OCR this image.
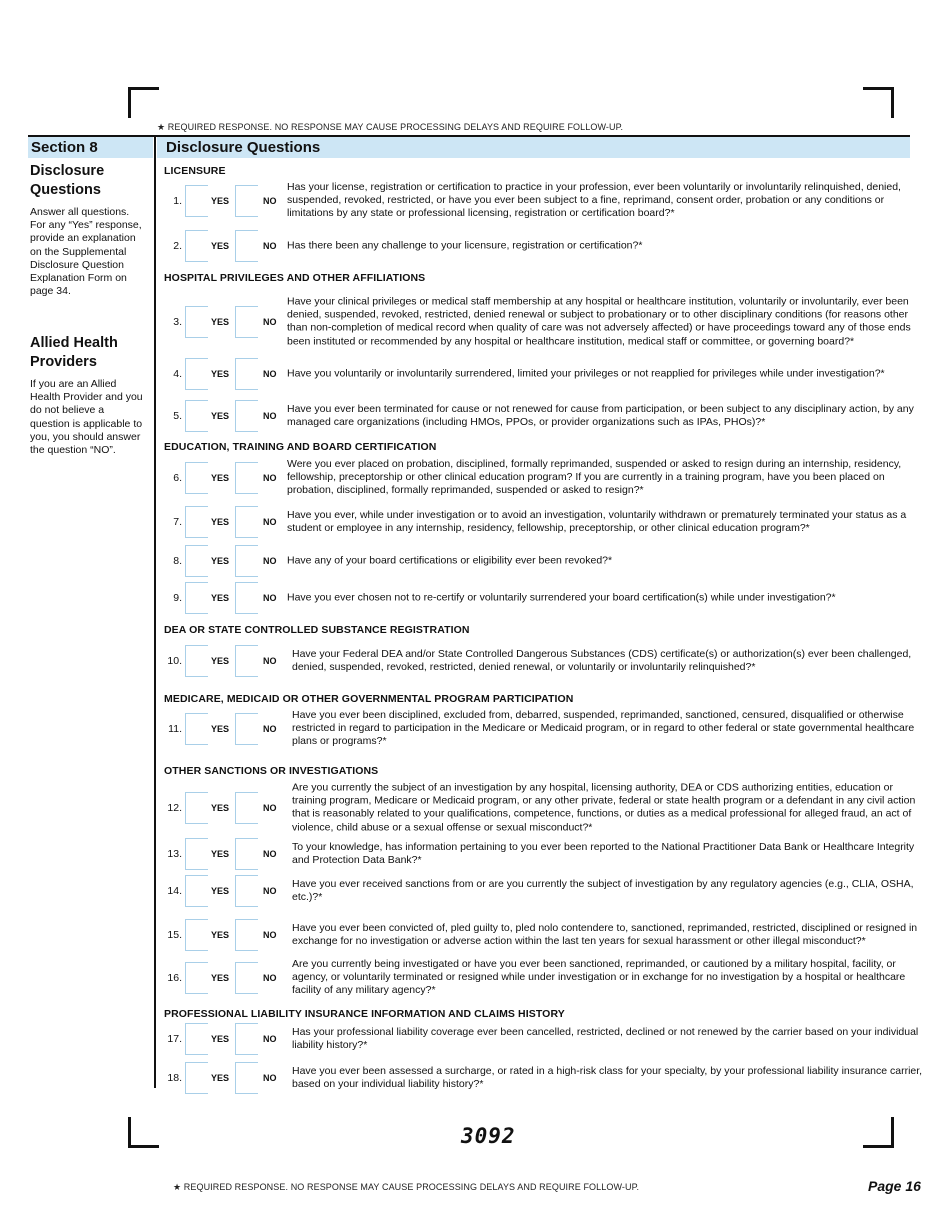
★ REQUIRED RESPONSE. NO RESPONSE MAY CAUSE PROCESSING DELAYS AND REQUIRE FOLLOW-UP.
Section 8	Disclosure Questions
Disclosure Questions
Answer all questions. For any “Yes” response, provide an explanation on the Supplemental Disclosure Question Explanation Form on page 34.
Allied Health Providers
If you are an Allied Health Provider and you do not believe a question is applicable to you, you should answer the question “NO”.
LICENSURE
HOSPITAL PRIVILEGES AND OTHER AFFILIATIONS
EDUCATION, TRAINING AND BOARD CERTIFICATION
DEA OR STATE CONTROLLED SUBSTANCE REGISTRATION
MEDICARE, MEDICAID OR OTHER GOVERNMENTAL PROGRAM PARTICIPATION
OTHER SANCTIONS OR INVESTIGATIONS
PROFESSIONAL LIABILITY INSURANCE INFORMATION AND CLAIMS HISTORY
1.	YES	NO
Has your license, registration or certification to practice in your profession, ever been voluntarily or involuntarily relinquished, denied, suspended, revoked, restricted, or have you ever been subject to a fine, reprimand, consent order, probation or any conditions or limitations by any state or professional licensing, registration or certification board?*
2.	YES	NO Has there been any challenge to your licensure, registration or certification?*
3.	YES	NO
Have your clinical privileges or medical staff membership at any hospital or healthcare institution, voluntarily or involuntarily, ever been denied, suspended, revoked, restricted, denied renewal or subject to probationary or to other disciplinary conditions (for reasons other than non-completion of medical record when quality of care was not adversely affected) or have proceedings toward any of those ends been instituted or recommended by any hospital or healthcare institution, medical staff or committee, or governing board?*
4.	YES	NO Have you voluntarily or involuntarily surrendered, limited your privileges or not reapplied for privileges while under investigation?*
5.	YES	NO
Have you ever been terminated for cause or not renewed for cause from participation, or been subject to any disciplinary action, by any managed care organizations (including HMOs, PPOs, or provider organizations such as IPAs, PHOs)?*
6.	YES	NO
Were you ever placed on probation, disciplined, formally reprimanded, suspended or asked to resign during an internship, residency, fellowship, preceptorship or other clinical education program? If you are currently in a training program, have you been placed on probation, disciplined, formally reprimanded, suspended or asked to resign?*
7.	YES	NO
Have you ever, while under investigation or to avoid an investigation, voluntarily withdrawn or prematurely terminated your status as a student or employee in any internship, residency, fellowship, preceptorship, or other clinical education program?*
8.	YES	NO Have any of your board certifications or eligibility ever been revoked?*
9.	YES	NO Have you ever chosen not to re-certify or voluntarily surrendered your board certification(s) while under investigation?*
10.	YES	NO
Have your Federal DEA and/or State Controlled Dangerous Substances (CDS) certificate(s) or authorization(s) ever been challenged, denied, suspended, revoked, restricted, denied renewal, or voluntarily or involuntarily relinquished?*
11.	YES	NO
Have you ever been disciplined, excluded from, debarred, suspended, reprimanded, sanctioned, censured, disqualified or otherwise restricted in regard to participation in the Medicare or Medicaid program, or in regard to other federal or state governmental healthcare plans or programs?*
12.	YES	NO
Are you currently the subject of an investigation by any hospital, licensing authority, DEA or CDS authorizing entities, education or training program, Medicare or Medicaid program, or any other private, federal or state health program or a defendant in any civil action that is reasonably related to your qualifications, competence, functions, or duties as a medical professional for alleged fraud, an act of violence, child abuse or a sexual offense or sexual misconduct?*
13.	YES	NO
To your knowledge, has information pertaining to you ever been reported to the National Practitioner Data Bank or Healthcare Integrity and Protection Data Bank?*
14.	YES	NO
Have you ever received sanctions from or are you currently the subject of investigation by any regulatory agencies (e.g., CLIA, OSHA, etc.)?*
15.	YES	NO
Have you ever been convicted of, pled guilty to, pled nolo contendere to, sanctioned, reprimanded, restricted, disciplined or resigned in exchange for no investigation or adverse action within the last ten years for sexual harassment or other illegal misconduct?*
16.	YES	NO
Are you currently being investigated or have you ever been sanctioned, reprimanded, or cautioned by a military hospital, facility, or agency, or voluntarily terminated or resigned while under investigation or in exchange for no investigation by a hospital or healthcare facility of any military agency?*
17.	YES	NO
Has your professional liability coverage ever been cancelled, restricted, declined or not renewed by the carrier based on your individual liability history?*
18.	YES	NO
Have you ever been assessed a surcharge, or rated in a high-risk class for your specialty, by your professional liability insurance carrier, based on your individual liability history?*
3092
★ REQUIRED RESPONSE. NO RESPONSE MAY CAUSE PROCESSING DELAYS AND REQUIRE FOLLOW-UP.	Page 16
